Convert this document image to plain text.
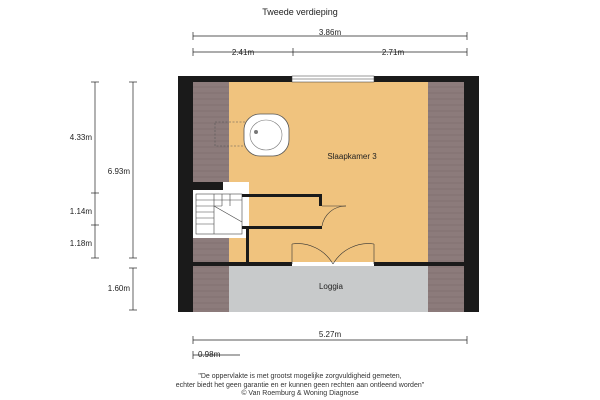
Tweede verdieping
3.86m
2.41m	2.71m
4.33m
1.14m
1.18m
6.93m
1.60m
5.27m
0.98m
Slaapkamer 3
Loggia
"De oppervlakte is met grootst mogelijke zorgvuldigheid gemeten,
echter biedt het geen garantie en er kunnen geen rechten aan ontleend worden"
© Van Roemburg & Woning Diagnose
